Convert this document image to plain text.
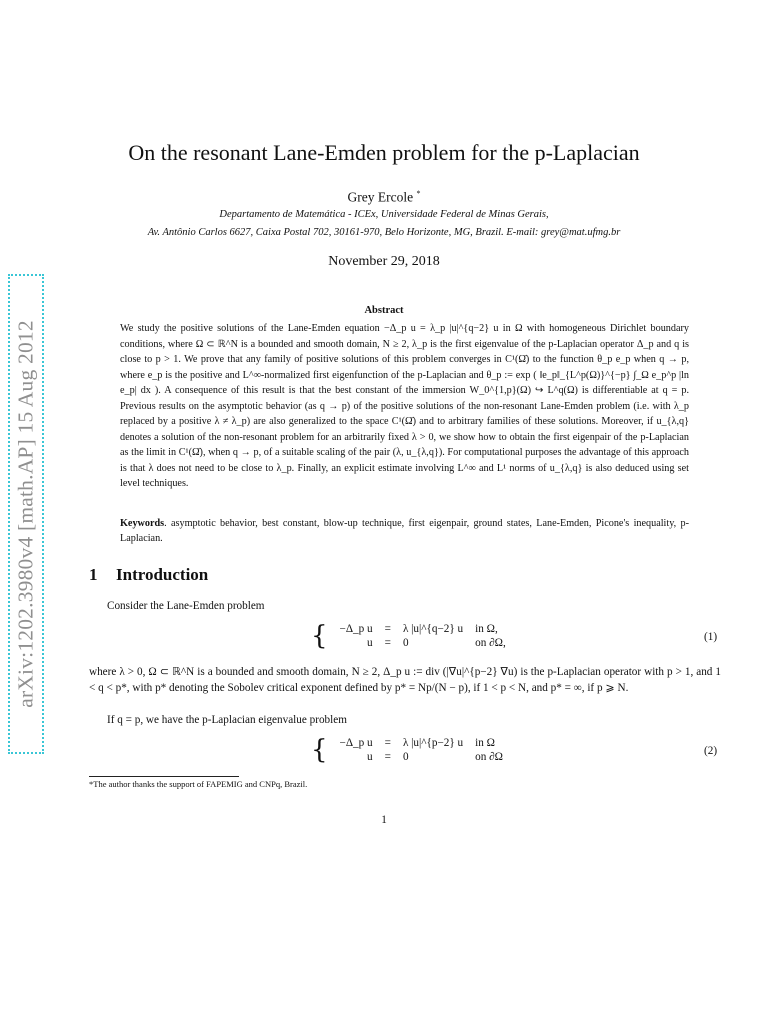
arXiv:1202.3980v4 [math.AP] 15 Aug 2012
On the resonant Lane-Emden problem for the p-Laplacian
Grey Ercole *
Departamento de Matemática - ICEx, Universidade Federal de Minas Gerais,
Av. Antônio Carlos 6627, Caixa Postal 702, 30161-970, Belo Horizonte, MG, Brazil. E-mail: grey@mat.ufmg.br
November 29, 2018
Abstract
We study the positive solutions of the Lane-Emden equation −Δ_p u = λ_p |u|^{q−2} u in Ω with homogeneous Dirichlet boundary conditions, where Ω ⊂ ℝ^N is a bounded and smooth domain, N ≥ 2, λ_p is the first eigenvalue of the p-Laplacian operator Δ_p and q is close to p > 1. We prove that any family of positive solutions of this problem converges in C¹(Ω̄) to the function θ_p e_p when q → p, where e_p is the positive and L^∞-normalized first eigenfunction of the p-Laplacian and θ_p := exp ( ‖e_p‖_{L^p(Ω)}^{−p} ∫_Ω e_p^p |ln e_p| dx ). A consequence of this result is that the best constant of the immersion W_0^{1,p}(Ω) ↪ L^q(Ω) is differentiable at q = p. Previous results on the asymptotic behavior (as q → p) of the positive solutions of the non-resonant Lane-Emden problem (i.e. with λ_p replaced by a positive λ ≠ λ_p) are also generalized to the space C¹(Ω̄) and to arbitrary families of these solutions. Moreover, if u_{λ,q} denotes a solution of the non-resonant problem for an arbitrarily fixed λ > 0, we show how to obtain the first eigenpair of the p-Laplacian as the limit in C¹(Ω̄), when q → p, of a suitable scaling of the pair (λ, u_{λ,q}). For computational purposes the advantage of this approach is that λ does not need to be close to λ_p. Finally, an explicit estimate involving L^∞ and L¹ norms of u_{λ,q} is also deduced using set level techniques.
Keywords. asymptotic behavior, best constant, blow-up technique, first eigenpair, ground states, Lane-Emden, Picone's inequality, p-Laplacian.
1 Introduction
Consider the Lane-Emden problem
{	−Δ_p u	=	λ |u|^{q−2} u	in Ω,
	u	=	0	on ∂Ω,	(1)
where λ > 0, Ω ⊂ ℝ^N is a bounded and smooth domain, N ≥ 2, Δ_p u := div (|∇u|^{p−2} ∇u) is the p-Laplacian operator with p > 1, and 1 < q < p*, with p* denoting the Sobolev critical exponent defined by p* = Np/(N − p), if 1 < p < N, and p* = ∞, if p ⩾ N.
If q = p, we have the p-Laplacian eigenvalue problem
{	−Δ_p u	=	λ |u|^{p−2} u	in Ω
	u	=	0	on ∂Ω	(2)
*The author thanks the support of FAPEMIG and CNPq, Brazil.
1
